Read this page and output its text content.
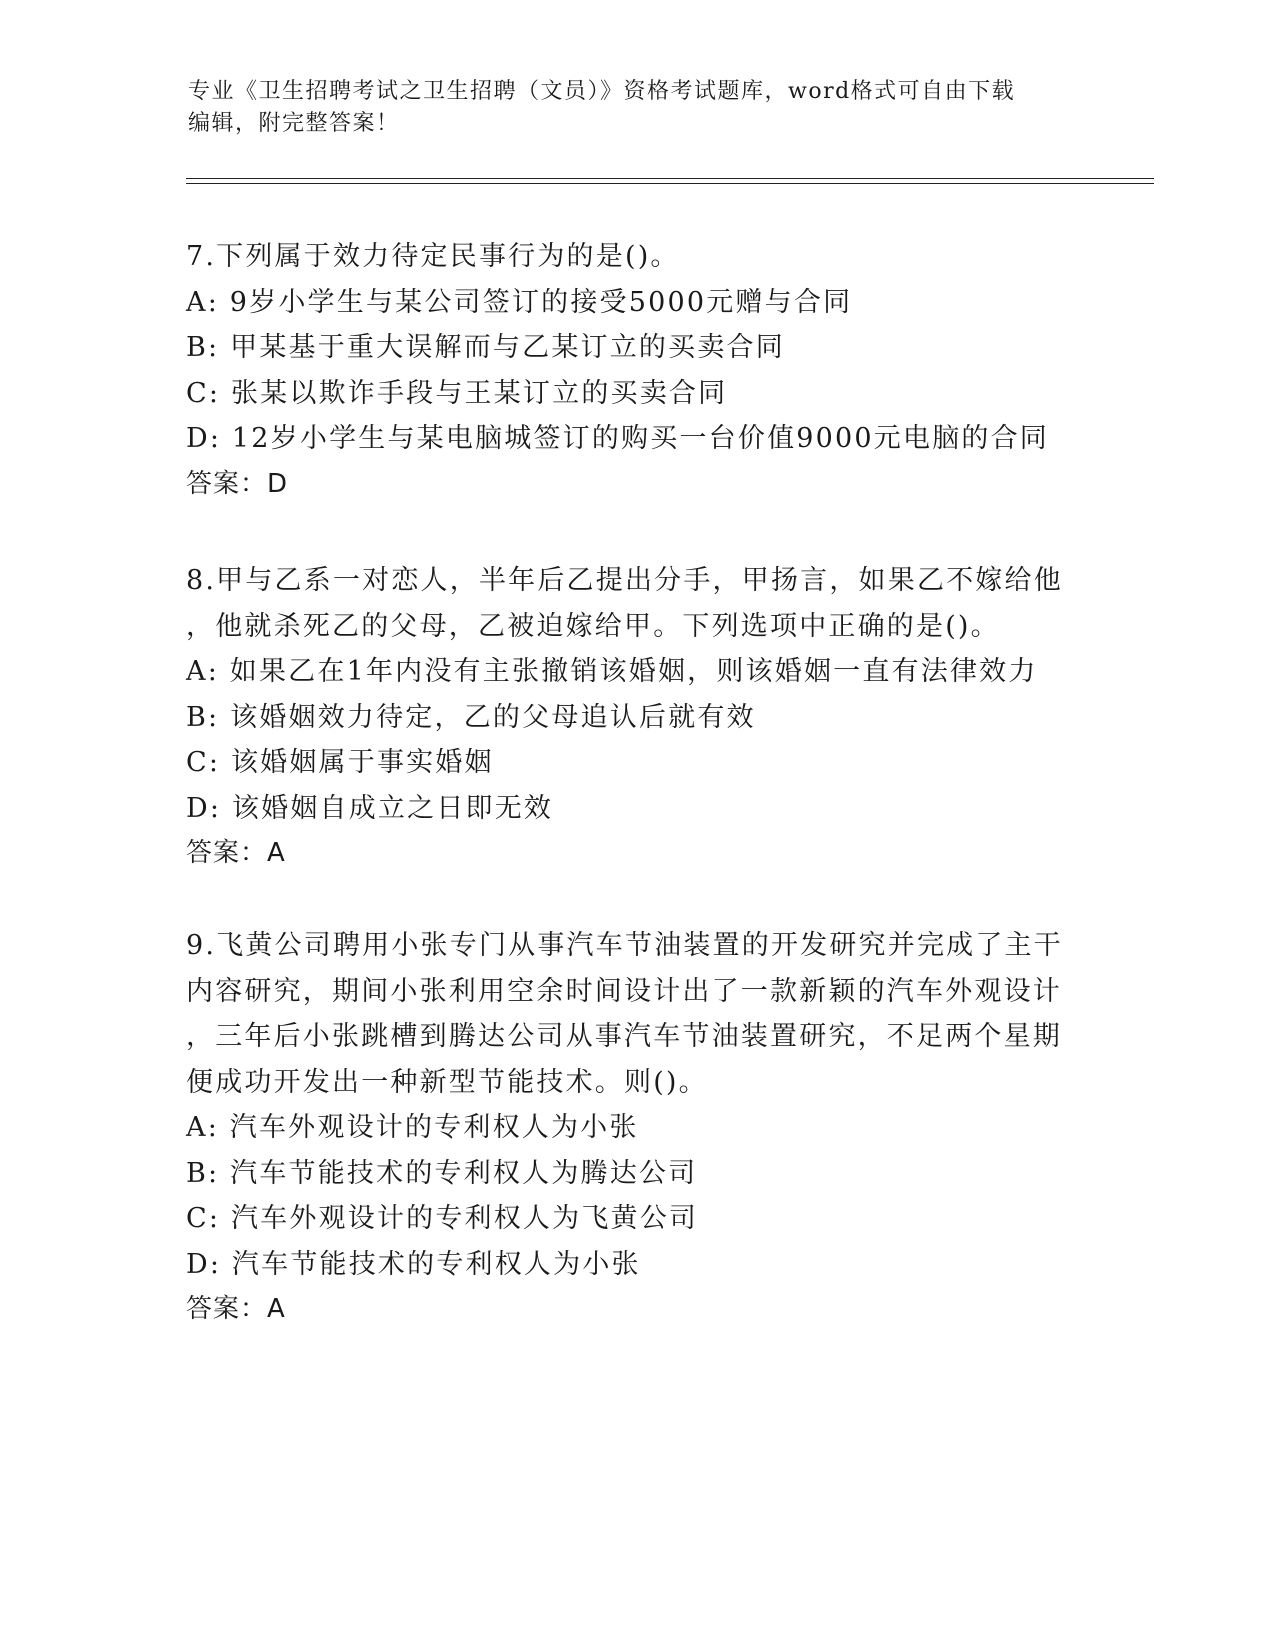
专业《卫生招聘考试之卫生招聘（文员）》资格考试题库，word格式可自由下载
编辑，附完整答案！
7.下列属于效力待定民事行为的是()。
A: 9岁小学生与某公司签订的接受5000元赠与合同
B: 甲某基于重大误解而与乙某订立的买卖合同
C: 张某以欺诈手段与王某订立的买卖合同
D: 12岁小学生与某电脑城签订的购买一台价值9000元电脑的合同
答案：D
8.甲与乙系一对恋人，半年后乙提出分手，甲扬言，如果乙不嫁给他
，他就杀死乙的父母，乙被迫嫁给甲。下列选项中正确的是()。
A: 如果乙在1年内没有主张撤销该婚姻，则该婚姻一直有法律效力
B: 该婚姻效力待定，乙的父母追认后就有效
C: 该婚姻属于事实婚姻
D: 该婚姻自成立之日即无效
答案：A
9.飞黄公司聘用小张专门从事汽车节油装置的开发研究并完成了主干
内容研究，期间小张利用空余时间设计出了一款新颖的汽车外观设计
，三年后小张跳槽到腾达公司从事汽车节油装置研究，不足两个星期
便成功开发出一种新型节能技术。则()。
A: 汽车外观设计的专利权人为小张
B: 汽车节能技术的专利权人为腾达公司
C: 汽车外观设计的专利权人为飞黄公司
D: 汽车节能技术的专利权人为小张
答案：A
